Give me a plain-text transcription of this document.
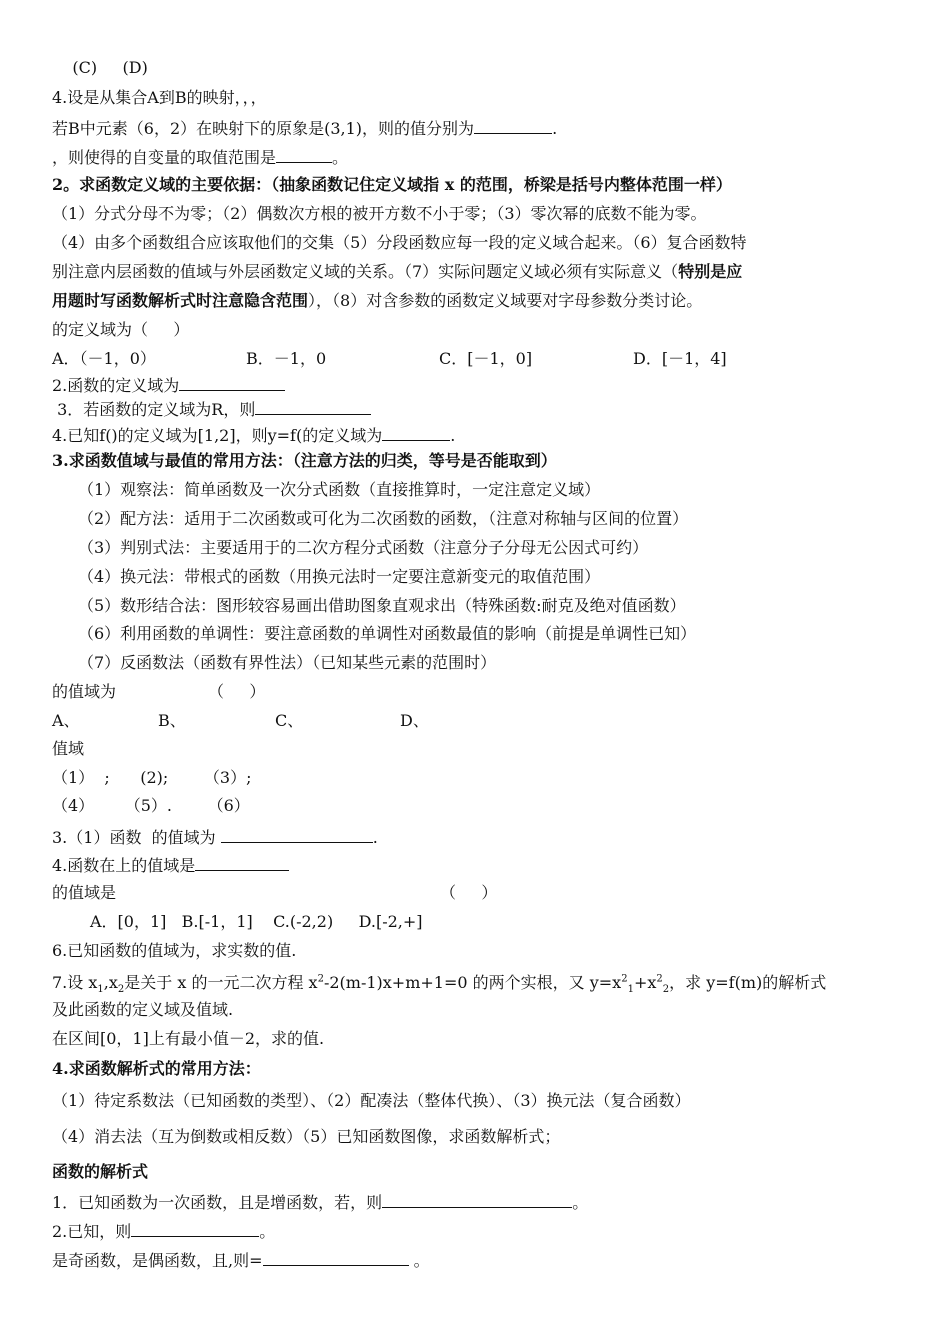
(C)     (D)
4.设是从集合A到B的映射，，，
若B中元素（6，2）在映射下的原象是(3,1)，则的值分别为	.
，则使得的自变量的取值范围是	。
2。求函数定义域的主要依据：（抽象函数记住定义域指 x 的范围，桥梁是括号内整体范围一样）
（1）分式分母不为零；（2）偶数次方根的被开方数不小于零；（3）零次幂的底数不能为零。
（4）由多个函数组合应该取他们的交集（5）分段函数应每一段的定义域合起来。（6）复合函数特
别注意内层函数的值域与外层函数定义域的关系。（7）实际问题定义域必须有实际意义（特别是应
用题时写函数解析式时注意隐含范围），（8）对含参数的函数定义域要对字母参数分类讨论。
的定义域为（     ）
A．（－1，0）	B．－1，0	C．[－1，0]	D．[－1，4]
2.函数的定义域为
3．若函数的定义域为R，则
4.已知f()的定义域为[1,2]，则y=f(的定义域为	.
3.求函数值域与最值的常用方法：（注意方法的归类，等号是否能取到）
（1）观察法：简单函数及一次分式函数（直接推算时，一定注意定义域）
（2）配方法：适用于二次函数或可化为二次函数的函数，（注意对称轴与区间的位置）
（3）判别式法：主要适用于的二次方程分式函数（注意分子分母无公因式可约）
（4）换元法：带根式的函数（用换元法时一定要注意新变元的取值范围）
（5）数形结合法：图形较容易画出借助图象直观求出（特殊函数:耐克及绝对值函数）
（6）利用函数的单调性：要注意函数的单调性对函数最值的影响（前提是单调性已知）
（7）反函数法（函数有界性法）（已知某些元素的范围时）
的值域为	（     ）
A、	B、	C、	D、
值域
（1）  ;      (2);       （3）;
（4）      （5）.       （6）
3.（1）函数  的值域为	.
4.函数在上的值域是
的值域是	（     ）
A．[0，1]   B.[-1，1]    C.(-2,2)     D.[-2,+]
6.已知函数的值域为，求实数的值.
7.设 $x_1,x_2$是关于 x 的一元二次方程 $x^2-2(m-1)x+m+1=0$ 的两个实根，又 $y=x^2_1+x^2_2$，求 y=f(m)的解析式
及此函数的定义域及值域.
在区间[0，1]上有最小值－2，求的值.
4.求函数解析式的常用方法：
（1）待定系数法（已知函数的类型）、（2）配凑法（整体代换）、（3）换元法（复合函数）
（4）消去法（互为倒数或相反数）（5）已知函数图像，求函数解析式；
函数的解析式
1．已知函数为一次函数，且是增函数，若，则	。
2.已知，则	。
是奇函数，是偶函数，且,则=	。
